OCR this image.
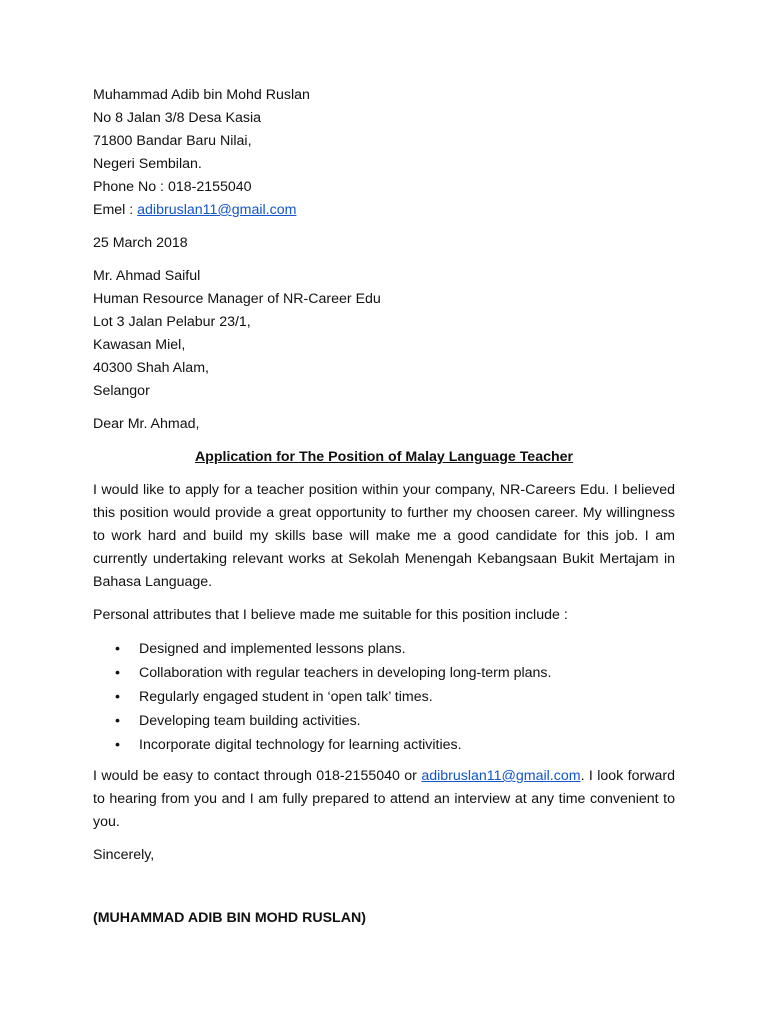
Muhammad Adib bin Mohd Ruslan
No 8 Jalan 3/8 Desa Kasia
71800 Bandar Baru Nilai,
Negeri Sembilan.
Phone No : 018-2155040
Emel : adibruslan11@gmail.com
25 March 2018
Mr. Ahmad Saiful
Human Resource Manager of NR-Career Edu
Lot 3 Jalan Pelabur 23/1,
Kawasan Miel,
40300 Shah Alam,
Selangor
Dear Mr. Ahmad,
Application for The Position of Malay Language Teacher

I would like to apply for a teacher position within your company, NR-Careers Edu. I believed this position would provide a great opportunity to further my choosen career. My willingness to work hard and build my skills base will make me a good candidate for this job. I am currently undertaking relevant works at Sekolah Menengah Kebangsaan Bukit Mertajam in Bahasa Language.

Personal attributes that I believe made me suitable for this position include :
• Designed and implemented lessons plans.
• Collaboration with regular teachers in developing long-term plans.
• Regularly engaged student in ‘open talk’ times.
• Developing team building activities.
• Incorporate digital technology for learning activities.

I would be easy to contact through 018-2155040 or adibruslan11@gmail.com. I look forward to hearing from you and I am fully prepared to attend an interview at any time convenient to you.

Sincerely,
(MUHAMMAD ADIB BIN MOHD RUSLAN)
